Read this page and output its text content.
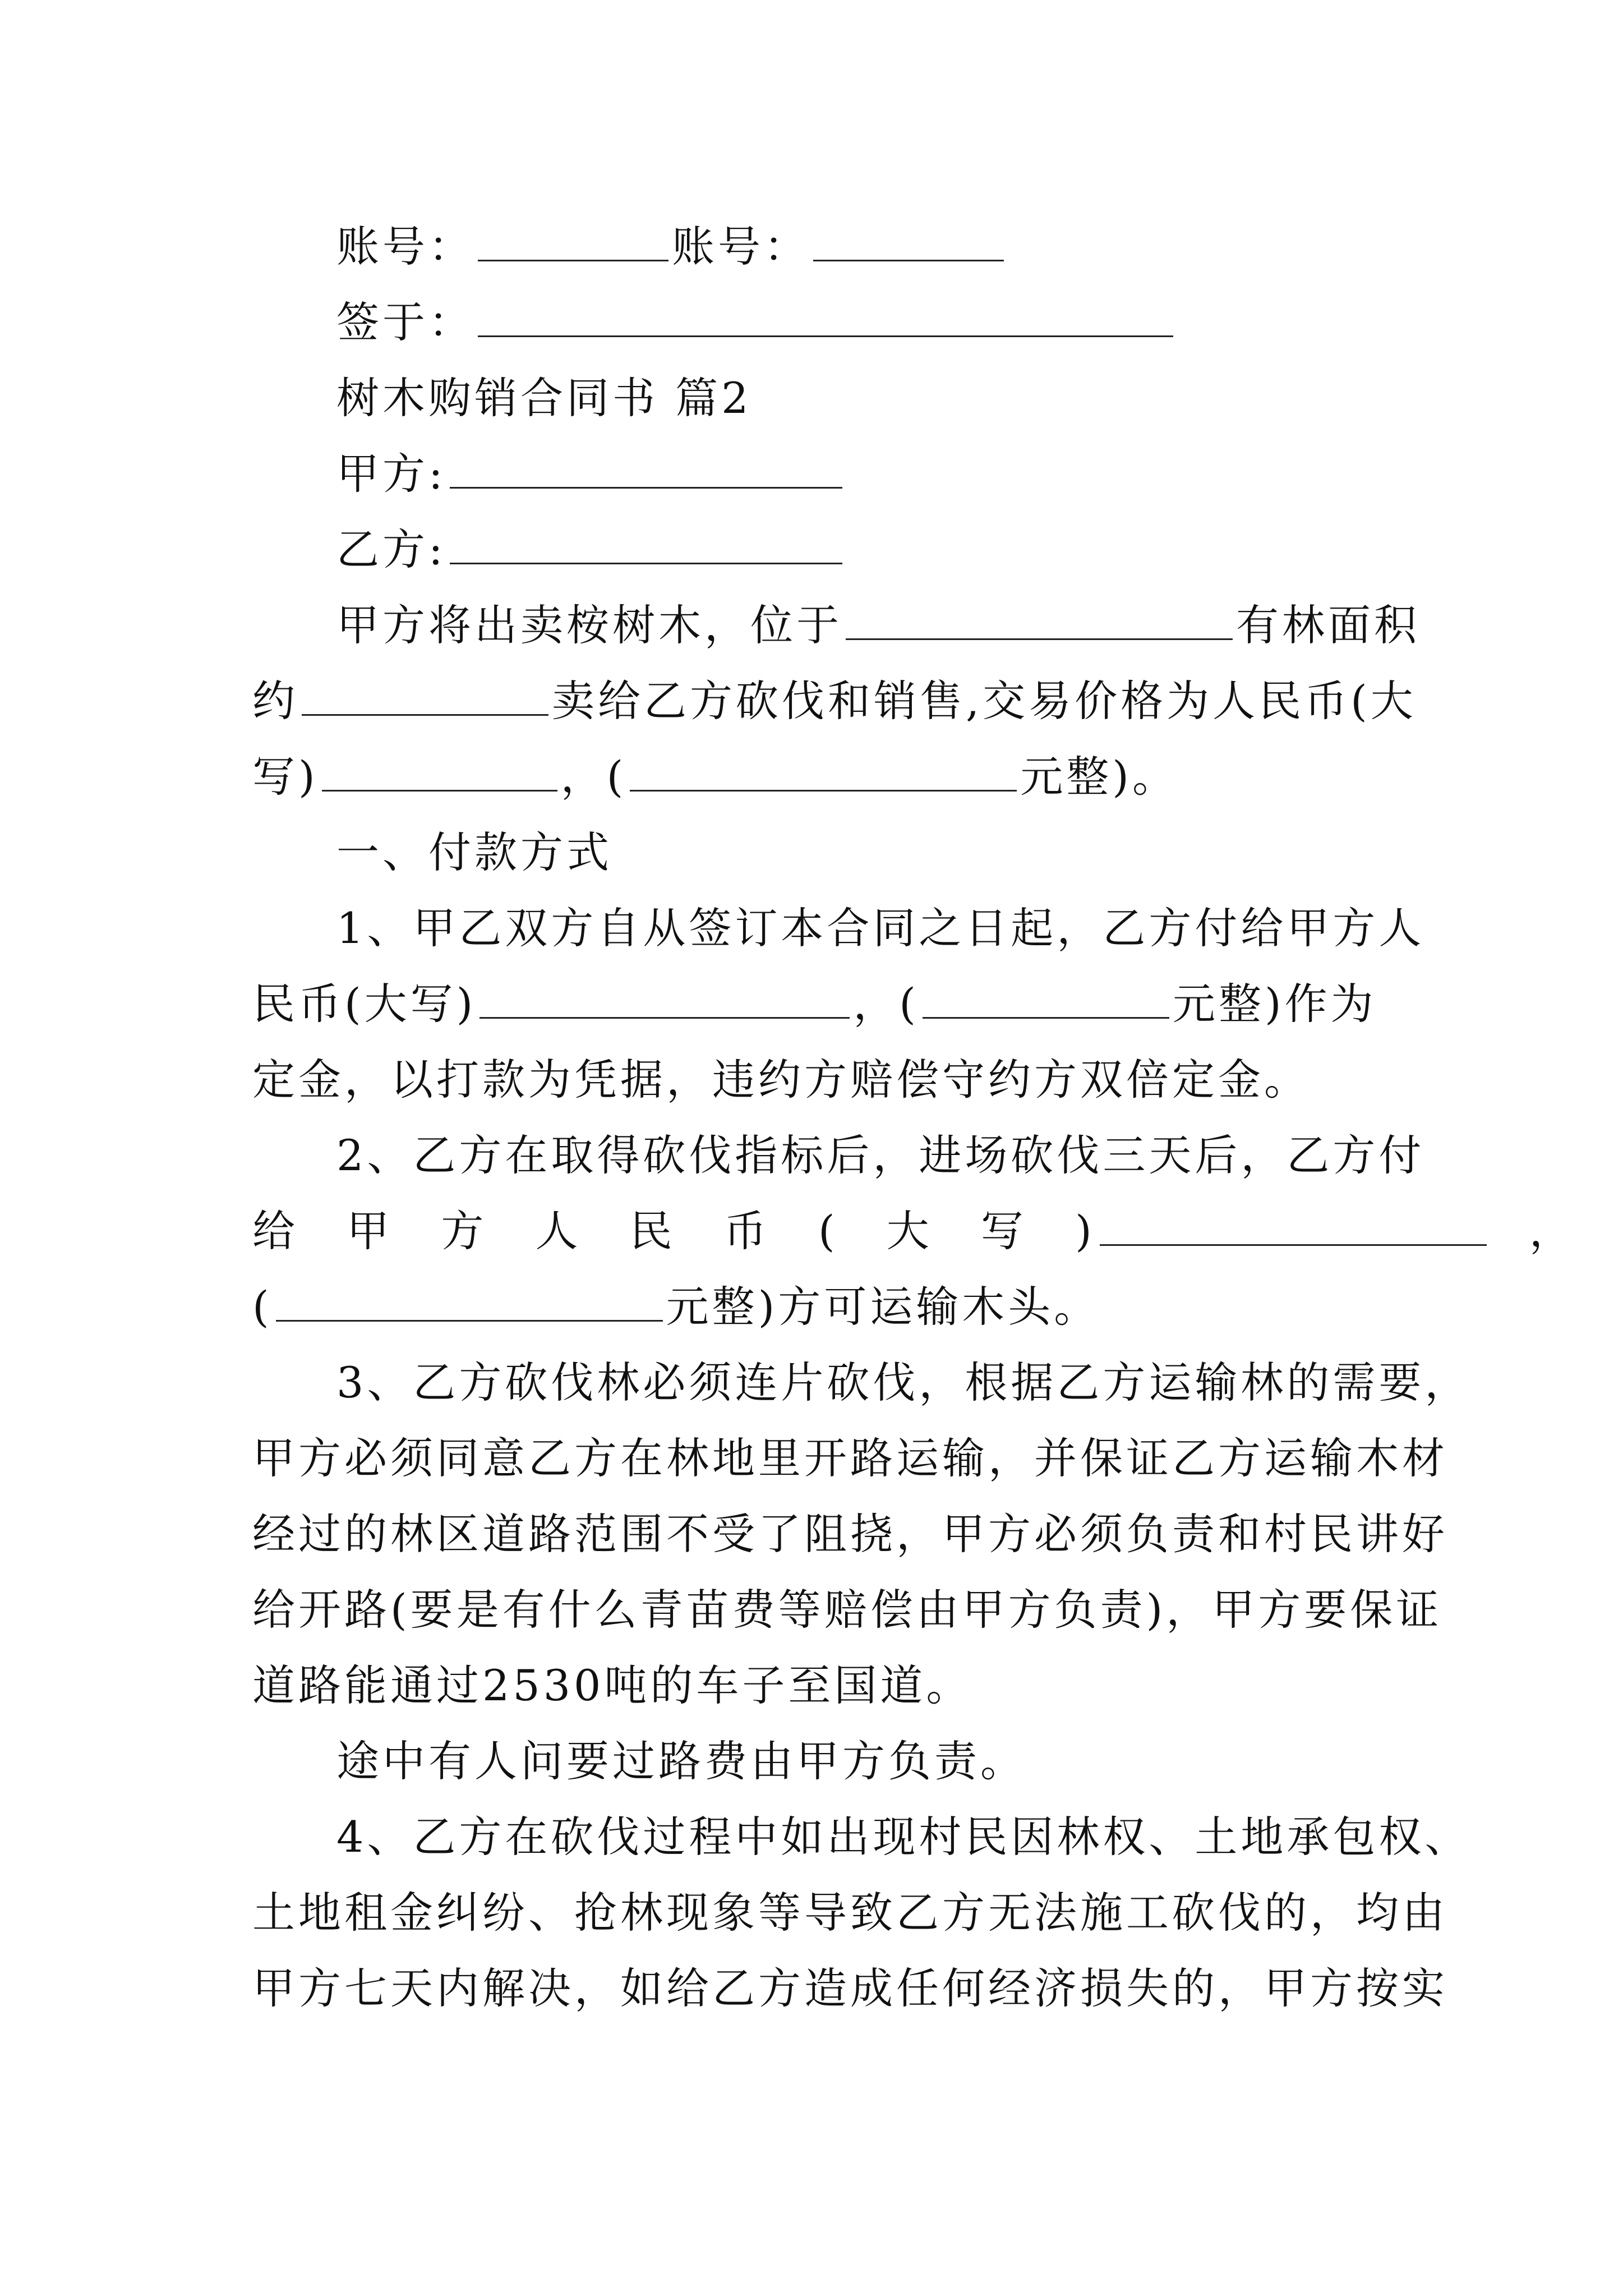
账号：	账号：
签于：
树木购销合同书 篇2
甲方:
乙方:
甲方将出卖桉树木，位于	有林面积
约	卖给乙方砍伐和销售,交易价格为人民币(大
写)	，(	元整)。
一、付款方式
1、甲乙双方自从签订本合同之日起，乙方付给甲方人
民币(大写)	，(	元整)作为
定金，以打款为凭据，违约方赔偿守约方双倍定金。
2、乙方在取得砍伐指标后，进场砍伐三天后，乙方付
给 甲 方 人 民 币 ( 大 写 )	，
(	元整)方可运输木头。
3、乙方砍伐林必须连片砍伐，根据乙方运输林的需要，
甲方必须同意乙方在林地里开路运输，并保证乙方运输木材
经过的林区道路范围不受了阻挠，甲方必须负责和村民讲好
给开路(要是有什么青苗费等赔偿由甲方负责)，甲方要保证
道路能通过2530吨的车子至国道。
途中有人问要过路费由甲方负责。
4、乙方在砍伐过程中如出现村民因林权、土地承包权、
土地租金纠纷、抢林现象等导致乙方无法施工砍伐的，均由
甲方七天内解决，如给乙方造成任何经济损失的，甲方按实
